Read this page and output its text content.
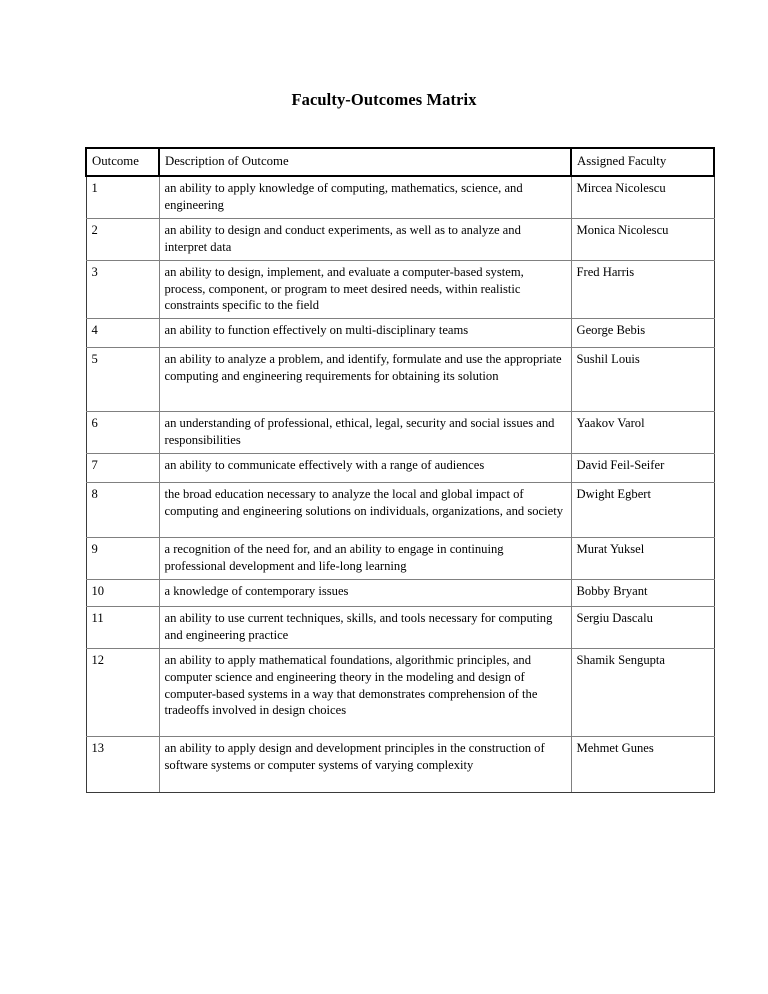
Faculty-Outcomes Matrix
Outcome	Description of Outcome	Assigned Faculty
1	an ability to apply knowledge of computing, mathematics, science, and engineering	Mircea Nicolescu
2	an ability to design and conduct experiments, as well as to analyze and interpret data	Monica Nicolescu
3	an ability to design, implement, and evaluate a computer-based system, process, component, or program to meet desired needs, within realistic constraints specific to the field	Fred Harris
4	an ability to function effectively on multi-disciplinary teams	George Bebis
5	an ability to analyze a problem, and identify, formulate and use the appropriate computing and engineering requirements for obtaining its solution	Sushil Louis
6	an understanding of professional, ethical, legal, security and social issues and responsibilities	Yaakov Varol
7	an ability to communicate effectively with a range of audiences	David Feil-Seifer
8	the broad education necessary to analyze the local and global impact of computing and engineering solutions on individuals, organizations, and society	Dwight Egbert
9	a recognition of the need for, and an ability to engage in continuing professional development and life-long learning	Murat Yuksel
10	a knowledge of contemporary issues	Bobby Bryant
11	an ability to use current techniques, skills, and tools necessary for computing and engineering practice	Sergiu Dascalu
12	an ability to apply mathematical foundations, algorithmic principles, and computer science and engineering theory in the modeling and design of computer-based systems in a way that demonstrates comprehension of the tradeoffs involved in design choices	Shamik Sengupta
13	an ability to apply design and development principles in the construction of software systems or computer systems of varying complexity	Mehmet Gunes
